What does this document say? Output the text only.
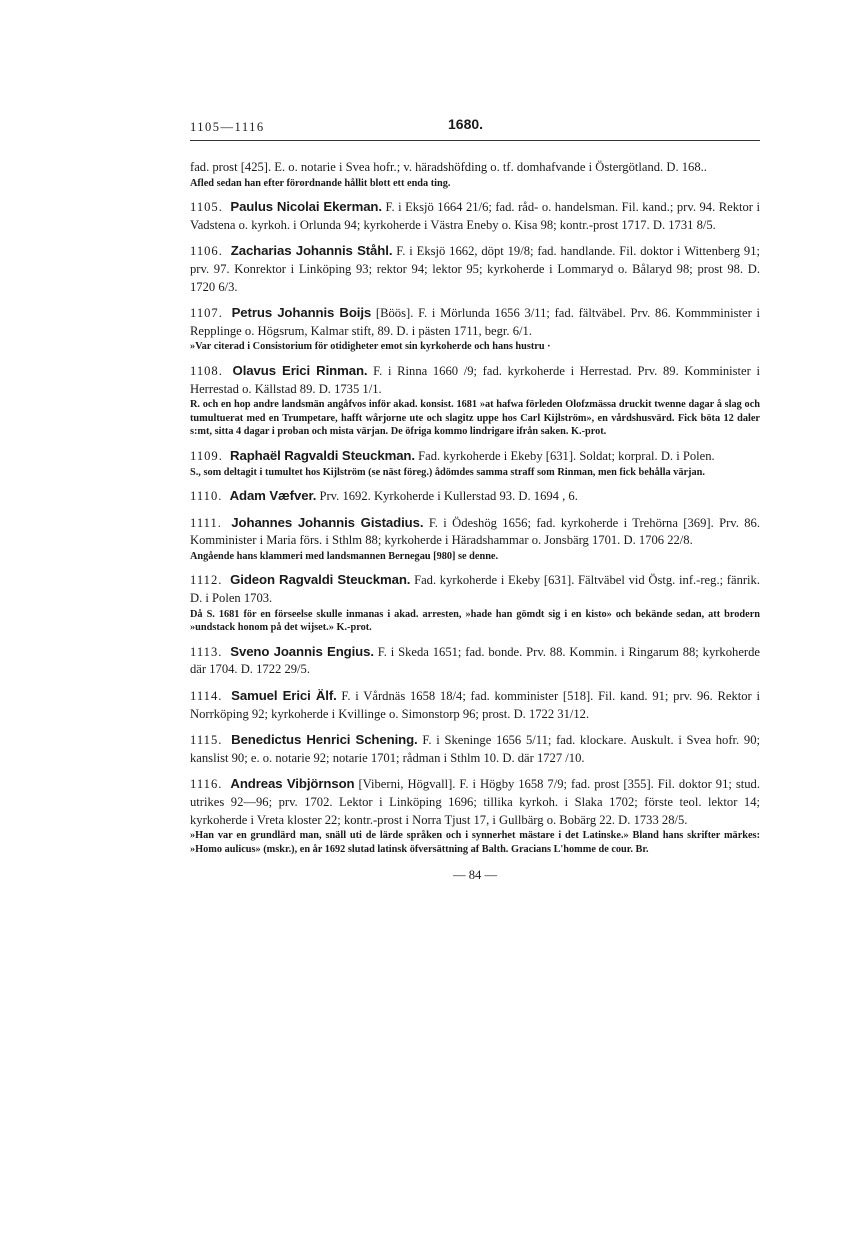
1105—1116	1680.

fad. prost [425]. E. o. notarie i Svea hofr.; v. häradshöfding o. tf. domhafvande i Östergötland. D. 168..

Afled sedan han efter förordnande hållit blott ett enda ting.

1105. Paulus Nicolai Ekerman. F. i Eksjö 1664 21/6; fad. råd- o. handelsman. Fil. kand.; prv. 94. Rektor i Vadstena o. kyrkoh. i Orlunda 94; kyrkoherde i Västra Eneby o. Kisa 98; kontr.-prost 1717. D. 1731 8/5.

1106. Zacharias Johannis Ståhl. F. i Eksjö 1662, döpt 19/8; fad. handlande. Fil. doktor i Wittenberg 91; prv. 97. Konrektor i Linköping 93; rektor 94; lektor 95; kyrkoherde i Lommaryd o. Bålaryd 98; prost 98. D. 1720 6/3.

1107. Petrus Johannis Boijs [Böös]. F. i Mörlunda 1656 3/11; fad. fältväbel. Prv. 86. Kommminister i Repplinge o. Högsrum, Kalmar stift, 89. D. i pästen 1711, begr. 6/1.

»Var citerad i Consistorium för otidigheter emot sin kyrkoherde och hans hustru ·

1108. Olavus Erici Rinman. F. i Rinna 1660 /9; fad. kyrkoherde i Herrestad. Prv. 89. Komminister i Herrestad o. Källstad 89. D. 1735 1/1.

R. och en hop andre landsmän angåfvos inför akad. konsist. 1681 »at hafwa förleden Olofzmässa druckit twenne dagar å slag och tumultuerat med en Trumpetare, hafft wårjorne ute och slagitz uppe hos Carl Kijlström», en vårdshusvärd. Fick böta 12 daler s:mt, sitta 4 dagar i proban och mista värjan. De öfriga kommo lindrigare ifrån saken. K.-prot.

1109. Raphaël Ragvaldi Steuckman. Fad. kyrkoherde i Ekeby [631]. Soldat; korpral. D. i Polen.

S., som deltagit i tumultet hos Kijlström (se näst föreg.) ådömdes samma straff som Rinman, men fick behålla värjan.

1110. Adam Væfver. Prv. 1692. Kyrkoherde i Kullerstad 93. D. 1694 , 6.

1111. Johannes Johannis Gistadius. F. i Ödeshög 1656; fad. kyrkoherde i Trehörna [369]. Prv. 86. Komminister i Maria förs. i Sthlm 88; kyrkoherde i Häradshammar o. Jonsbärg 1701. D. 1706 22/8.

Angående hans klammeri med landsmannen Bernegau [980] se denne.

1112. Gideon Ragvaldi Steuckman. Fad. kyrkoherde i Ekeby [631]. Fältväbel vid Östg. inf.-reg.; fänrik. D. i Polen 1703.

Då S. 1681 för en förseelse skulle inmanas i akad. arresten, »hade han gömdt sig i en kisto» och bekände sedan, att brodern »undstack honom på det wijset.» K.-prot.

1113. Sveno Joannis Engius. F. i Skeda 1651; fad. bonde. Prv. 88. Kommin. i Ringarum 88; kyrkoherde där 1704. D. 1722 29/5.

1114. Samuel Erici Älf. F. i Vårdnäs 1658 18/4; fad. komminister [518]. Fil. kand. 91; prv. 96. Rektor i Norrköping 92; kyrkoherde i Kvillinge o. Simonstorp 96; prost. D. 1722 31/12.

1115. Benedictus Henrici Schening. F. i Skeninge 1656 5/11; fad. klockare. Auskult. i Svea hofr. 90; kanslist 90; e. o. notarie 92; notarie 1701; rådman i Sthlm 10. D. där 1727 /10.

1116. Andreas Vibjörnson [Viberni, Högvall]. F. i Högby 1658 7/9; fad. prost [355]. Fil. doktor 91; stud. utrikes 92—96; prv. 1702. Lektor i Linköping 1696; tillika kyrkoh. i Slaka 1702; förste teol. lektor 14; kyrkoherde i Vreta kloster 22; kontr.-prost i Norra Tjust 17, i Gullbärg o. Bobärg 22. D. 1733 28/5.

»Han var en grundlärd man, snäll uti de lärde språken och i synnerhet mästare i det Latinske.» Bland hans skrifter märkes: »Homo aulicus» (mskr.), en år 1692 slutad latinsk öfversättning af Balth. Gracians L'homme de cour. Br.

— 84 —
